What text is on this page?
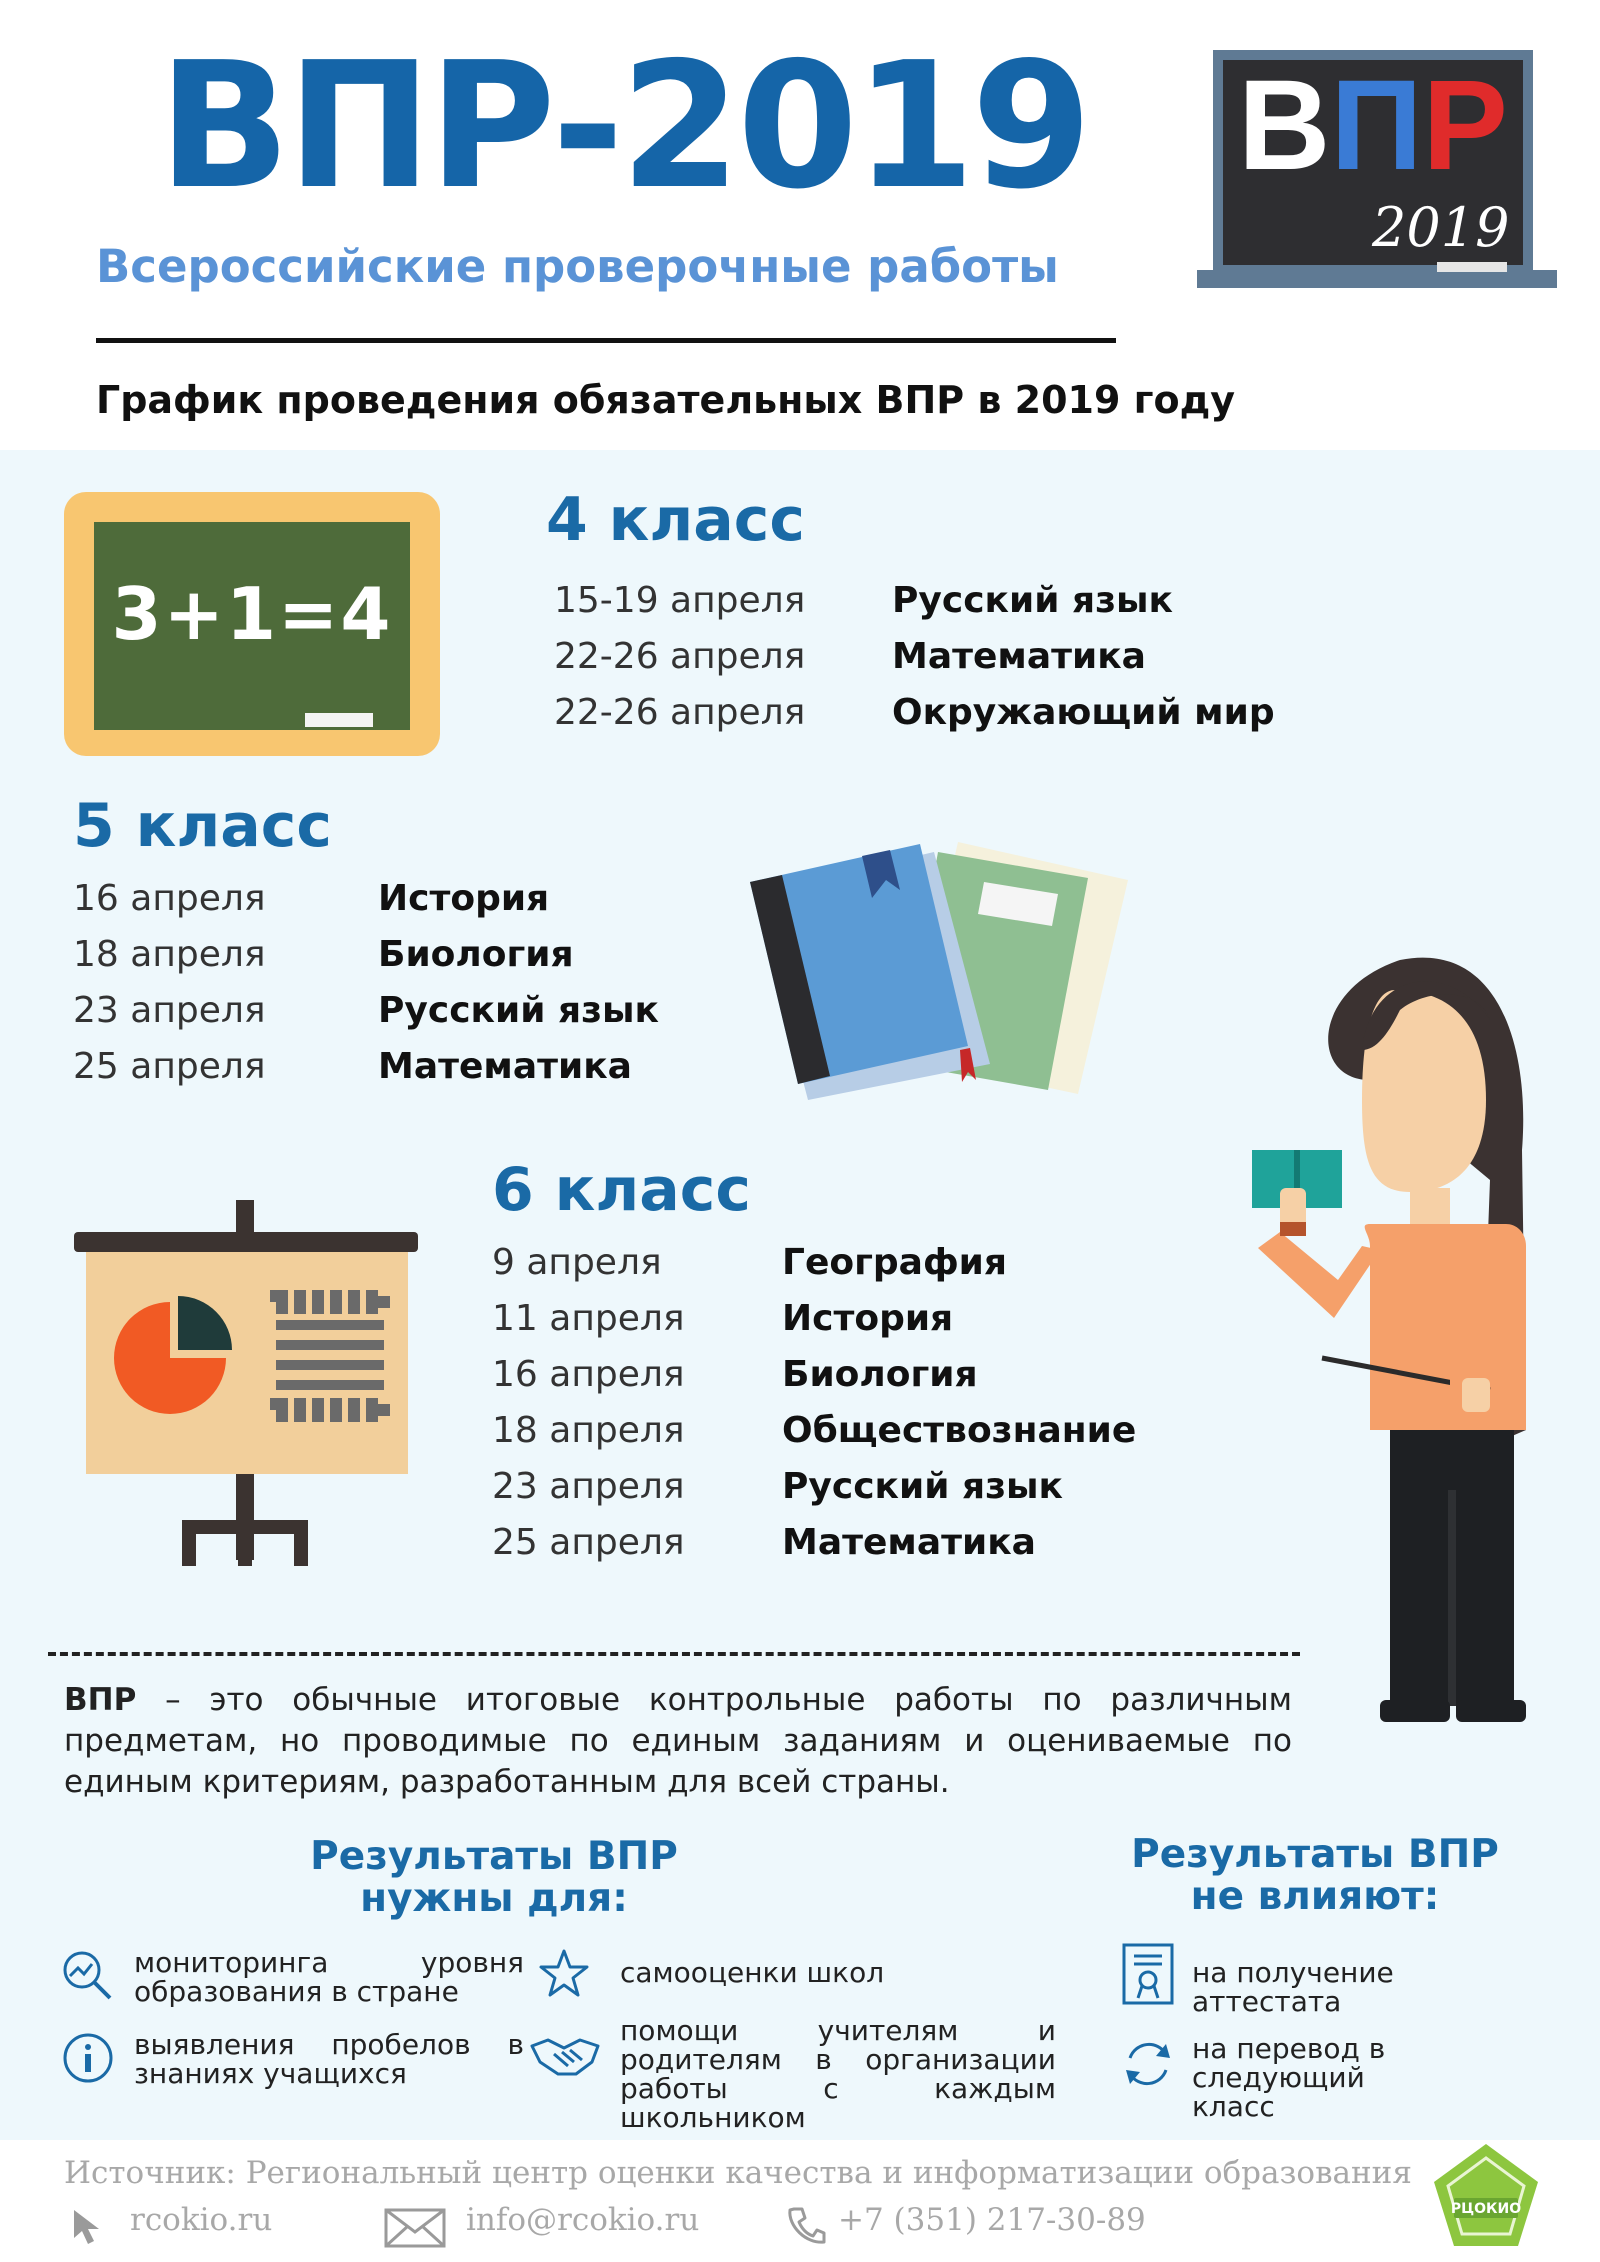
ВПР-2019
Всероссийские проверочные работы
ВПР
2019
График проведения обязательных ВПР в 2019 году
3+1=4
4 класс
15-19 апреля	Русский язык
22-26 апреля	Математика
22-26 апреля	Окружающий мир
5 класс
16 апреля	История
18 апреля	Биология
23 апреля	Русский язык
25 апреля	Математика
6 класс
9 апреля	География
11 апреля	История
16 апреля	Биология
18 апреля	Обществознание
23 апреля	Русский язык
25 апреля	Математика

ВПР – это обычные итоговые контрольные работы по различным предметам, но проводимые по единым заданиям и оцениваемые по единым критериям, разработанным для всей страны.

Результаты ВПР
нужны для:
мониторинга уровня образования в стране
выявления пробелов в знаниях учащихся
самооценки школ
помощи учителям и родителям в организации работы с каждым школьником
Результаты ВПР
не влияют:
на получение аттестата
на перевод в следующий класс
Источник: Региональный центр оценки качества и информатизации образования
rcokio.ru	info@rcokio.ru	+7 (351) 217-30-89	РЦОКИО
